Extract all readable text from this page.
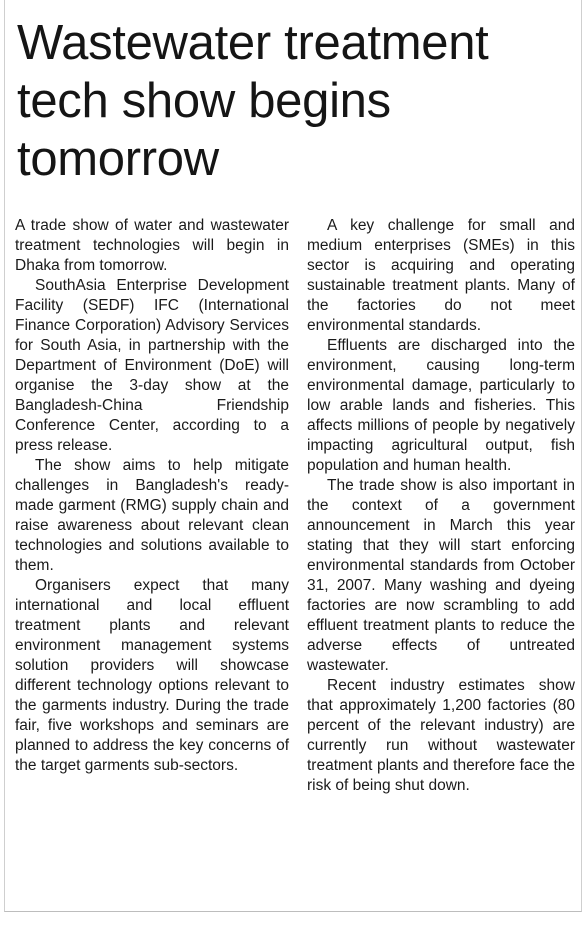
Wastewater treatment tech show begins tomorrow

A trade show of water and wastewater treatment technologies will begin in Dhaka from tomorrow.

SouthAsia Enterprise Development Facility (SEDF) IFC (International Finance Corporation) Advisory Services for South Asia, in partnership with the Department of Environment (DoE) will organise the 3-day show at the Bangladesh-China Friendship Conference Center, according to a press release.

The show aims to help mitigate challenges in Bangladesh's ready-made garment (RMG) supply chain and raise awareness about relevant clean technologies and solutions available to them.

Organisers expect that many international and local effluent treatment plants and relevant environment management systems solution providers will showcase different technology options relevant to the garments industry. During the trade fair, five workshops and seminars are planned to address the key concerns of the target garments sub-sectors.

A key challenge for small and medium enterprises (SMEs) in this sector is acquiring and operating sustainable treatment plants. Many of the factories do not meet environmental standards.

Effluents are discharged into the environment, causing long-term environmental damage, particularly to low arable lands and fisheries. This affects millions of people by negatively impacting agricultural output, fish population and human health.

The trade show is also important in the context of a government announcement in March this year stating that they will start enforcing environmental standards from October 31, 2007. Many washing and dyeing factories are now scrambling to add effluent treatment plants to reduce the adverse effects of untreated wastewater.

Recent industry estimates show that approximately 1,200 factories (80 percent of the relevant industry) are currently run without wastewater treatment plants and therefore face the risk of being shut down.
